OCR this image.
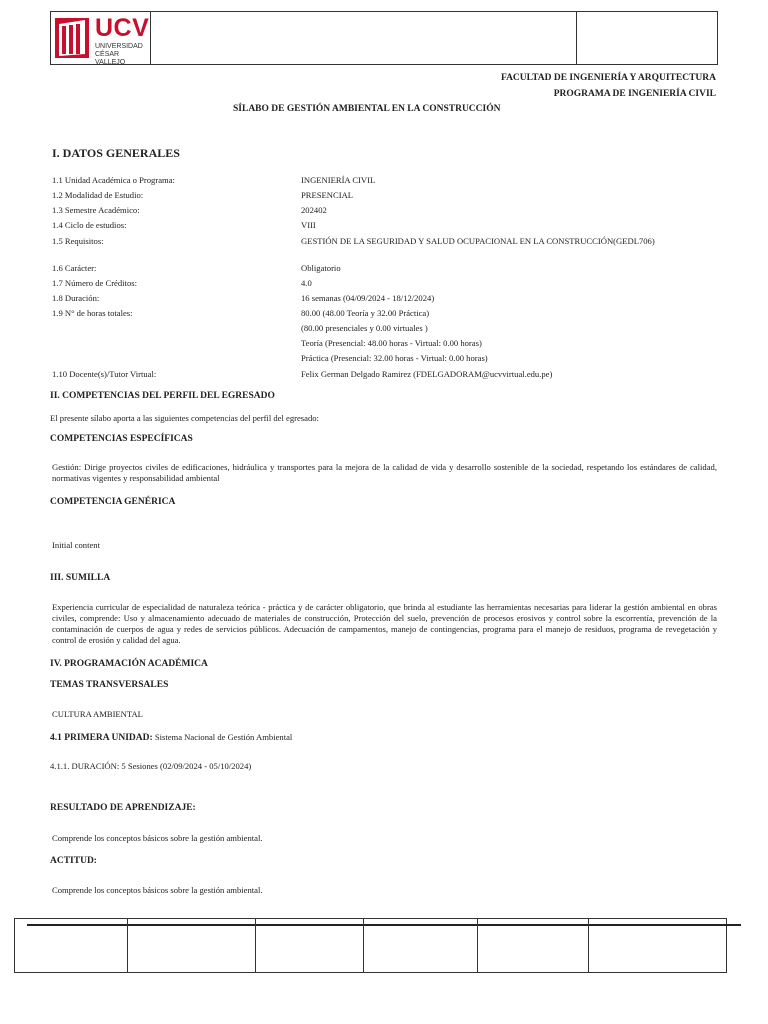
UCV
UNIVERSIDAD
CÉSAR VALLEJO
FACULTAD DE INGENIERÍA Y ARQUITECTURA
PROGRAMA DE INGENIERÍA CIVIL
SÍLABO DE GESTIÓN AMBIENTAL EN LA CONSTRUCCIÓN
I. DATOS GENERALES
1.1 Unidad Académica o Programa:	INGENIERÍA CIVIL
1.2 Modalidad de Estudio:	PRESENCIAL
1.3 Semestre Académico:	202402
1.4 Ciclo de estudios:	VIII
1.5 Requisitos:	GESTIÓN DE LA SEGURIDAD Y SALUD OCUPACIONAL EN LA CONSTRUCCIÓN(GEDL706)
1.6 Carácter:	Obligatorio
1.7 Número de Créditos:	4.0
1.8 Duración:	16 semanas (04/09/2024 - 18/12/2024)
1.9 N° de horas totales:	80.00 (48.00 Teoría y 32.00 Práctica)
(80.00 presenciales y 0.00 virtuales )
Teoría (Presencial: 48.00 horas - Virtual: 0.00 horas)
Práctica (Presencial: 32.00 horas - Virtual: 0.00 horas)
1.10 Docente(s)/Tutor Virtual:	Felix German Delgado Ramirez (FDELGADORAM@ucvvirtual.edu.pe)
II. COMPETENCIAS DEL PERFIL DEL EGRESADO
El presente sílabo aporta a las siguientes competencias del perfil del egresado:
COMPETENCIAS ESPECÍFICAS
Gestión: Dirige proyectos civiles de edificaciones, hidráulica y transportes para la mejora de la calidad de vida y desarrollo sostenible de la sociedad, respetando los estándares de calidad, normativas vigentes y responsabilidad ambiental
COMPETENCIA GENÉRICA
Initial content
III. SUMILLA
Experiencia curricular de especialidad de naturaleza teórica - práctica y de carácter obligatorio, que brinda al estudiante las herramientas necesarias para liderar la gestión ambiental en obras civiles, comprende: Uso y almacenamiento adecuado de materiales de construcción, Protección del suelo, prevención de procesos erosivos y control sobre la escorrentía, prevención de la contaminación de cuerpos de agua y redes de servicios públicos. Adecuación de campamentos, manejo de contingencias, programa para el manejo de residuos, programa de revegetación y control de erosión y calidad del agua.
IV. PROGRAMACIÓN ACADÉMICA
TEMAS TRANSVERSALES
CULTURA AMBIENTAL
4.1 PRIMERA UNIDAD: Sistema Nacional de Gestión Ambiental
4.1.1. DURACIÓN: 5 Sesiones (02/09/2024 - 05/10/2024)
RESULTADO DE APRENDIZAJE:
Comprende los conceptos básicos sobre la gestión ambiental.
ACTITUD:
Comprende los conceptos básicos sobre la gestión ambiental.
